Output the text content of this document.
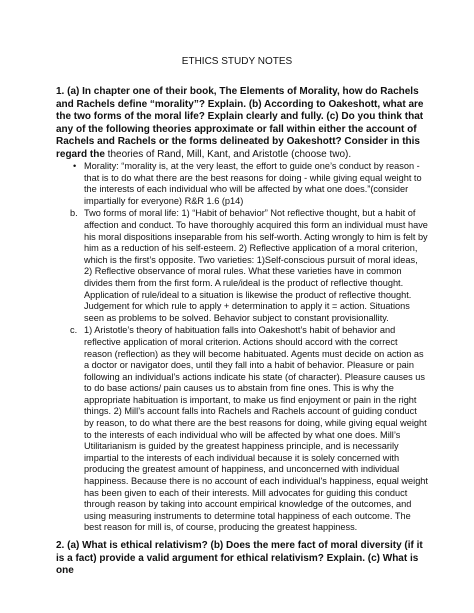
ETHICS STUDY NOTES

1. (a) In chapter one of their book, The Elements of Morality, how do Rachels and Rachels define “morality”? Explain. (b) According to Oakeshott, what are the two forms of the moral life? Explain clearly and fully. (c) Do you think that any of the following theories approximate or fall within either the account of Rachels and Rachels or the forms delineated by Oakeshott? Consider in this regard the theories of Rand, Mill, Kant, and Aristotle (choose two).

• Morality: “morality is, at the very least, the effort to guide one’s conduct by reason - that is to do what there are the best reasons for doing - while giving equal weight to the interests of each individual who will be affected by what one does.”(consider impartially for everyone) R&R 1.6 (p14)
b. Two forms of moral life: 1) “Habit of behavior” Not reflective thought, but a habit of affection and conduct. To have thoroughly acquired this form an individual must have his moral dispositions inseparable from his self-worth. Acting wrongly to him is felt by him as a reduction of his self-esteem. 2) Reflective application of a moral criterion, which is the first’s opposite. Two varieties: 1)Self-conscious pursuit of moral ideas, 2) Reflective observance of moral rules. What these varieties have in common divides them from the first form. A rule/ideal is the product of reflective thought. Application of rule/ideal to a situation is likewise the product of reflective thought. Judgement for which rule to apply + determination to apply it = action. Situations seen as problems to be solved. Behavior subject to constant provisionallity.
c. 1) Aristotle’s theory of habituation falls into Oakeshott’s habit of behavior and reflective application of moral criterion. Actions should accord with the correct reason (reflection) as they will become habituated. Agents must decide on action as a doctor or navigator does, until they fall into a habit of behavior. Pleasure or pain following an individual’s actions indicate his state (of character). Pleasure causes us to do base actions/ pain causes us to abstain from fine ones. This is why the appropriate habituation is important, to make us find enjoyment or pain in the right things. 2) Mill’s account falls into Rachels and Rachels account of guiding conduct by reason, to do what there are the best reasons for doing, while giving equal weight to the interests of each individual who will be affected by what one does. Mill’s Utilitarianism is guided by the greatest happiness principle, and is necessarily impartial to the interests of each individual because it is solely concerned with producing the greatest amount of happiness, and unconcerned with individual happiness. Because there is no account of each individual's happiness, equal weight has been given to each of their interests. Mill advocates for guiding this conduct through reason by taking into account empirical knowledge of the outcomes, and using measuring instruments to determine total happiness of each outcome. The best reason for mill is, of course, producing the greatest happiness.

2. (a) What is ethical relativism? (b) Does the mere fact of moral diversity (if it is a fact) provide a valid argument for ethical relativism? Explain. (c) What is one
